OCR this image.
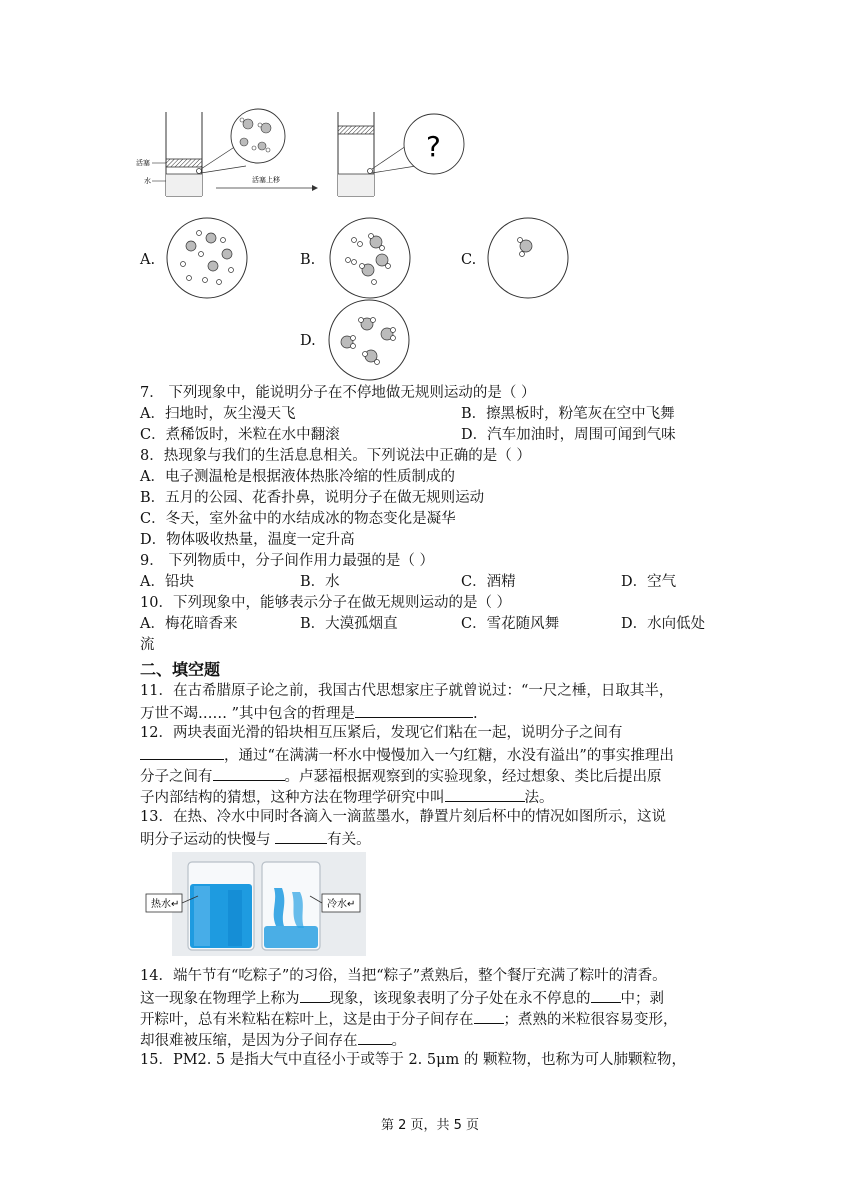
活塞
水	活塞上移
?
A.	B.	C.
D.
7． 下列现象中，能说明分子在不停地做无规则运动的是（ ）
A．扫地时，灰尘漫天飞	B．擦黑板时，粉笔灰在空中飞舞
C．煮稀饭时，米粒在水中翻滚	D．汽车加油时，周围可闻到气味
8．热现象与我们的生活息息相关。下列说法中正确的是（ ）
A．电子测温枪是根据液体热胀冷缩的性质制成的
B．五月的公园、花香扑鼻，说明分子在做无规则运动
C．冬天，室外盆中的水结成冰的物态变化是凝华
D．物体吸收热量，温度一定升高
9． 下列物质中，分子间作用力最强的是（ ）
A．铅块	B．水	C．酒精	D．空气
10．下列现象中，能够表示分子在做无规则运动的是（ ）
A．梅花暗香来	B．大漠孤烟直	C．雪花随风舞	D．水向低处
流
二、填空题
11．在古希腊原子论之前，我国古代思想家庄子就曾说过：“一尺之棰，日取其半，
万世不竭…… ”其中包含的哲理是	.
12．两块表面光滑的铅块相互压紧后，发现它们粘在一起，说明分子之间有
，通过“在满满一杯水中慢慢加入一勺红糖，水没有溢出”的事实推理出
分子之间有	。卢瑟福根据观察到的实验现象，经过想象、类比后提出原
子内部结构的猜想，这种方法在物理学研究中叫	法。
13．在热、冷水中同时各滴入一滴蓝墨水，静置片刻后杯中的情况如图所示，这说
明分子运动的快慢与	有关。
热水↵	冷水↵
14．端午节有“吃粽子”的习俗，当把“粽子”煮熟后，整个餐厅充满了粽叶的清香。
这一现象在物理学上称为 现象，该现象表明了分子处在永不停息的 中；剥
开粽叶，总有米粒粘在粽叶上，这是由于分子间存在 ；煮熟的米粒很容易变形，
却很难被压缩，是因为分子间存在 。
15．PM2. 5 是指大气中直径小于或等于 2. 5μm 的 颗粒物，也称为可人肺颗粒物，
第 2 页，共 5 页
